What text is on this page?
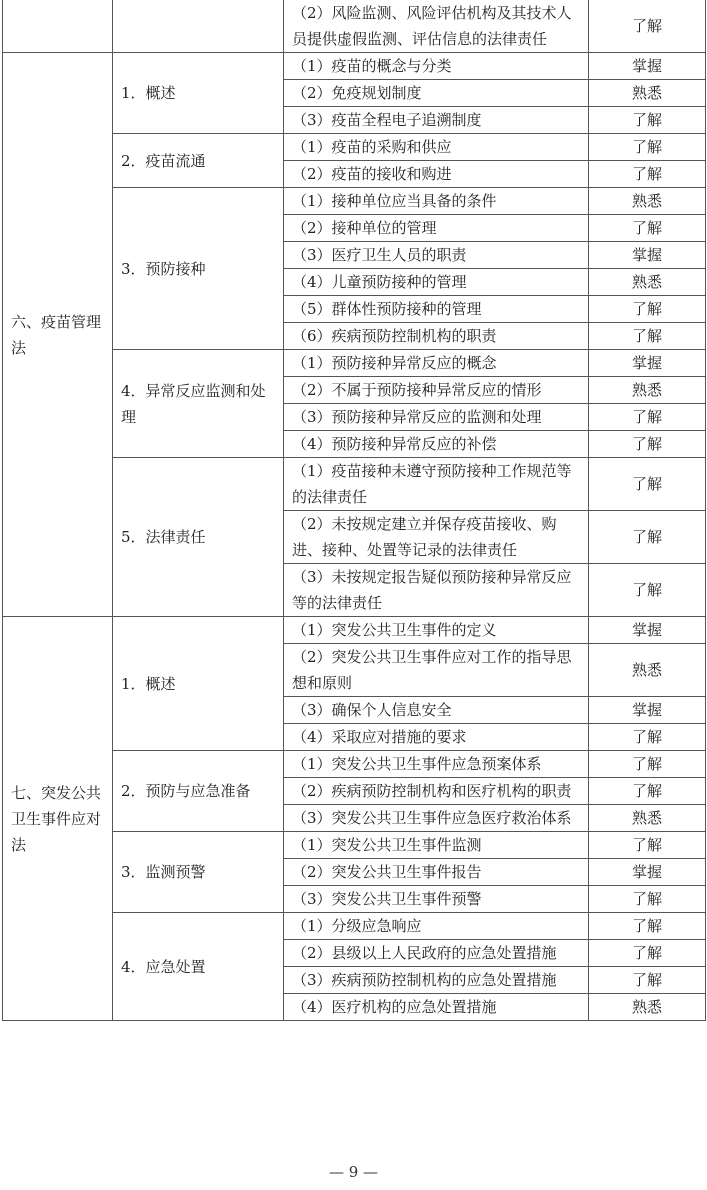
		（2）风险监测、风险评估机构及其技术人员提供虚假监测、评估信息的法律责任	了解
六、疫苗管理法	1．概述	（1）疫苗的概念与分类	掌握
		（2）免疫规划制度	熟悉
		（3）疫苗全程电子追溯制度	了解
	2．疫苗流通	（1）疫苗的采购和供应	了解
		（2）疫苗的接收和购进	了解
	3．预防接种	（1）接种单位应当具备的条件	熟悉
		（2）接种单位的管理	了解
		（3）医疗卫生人员的职责	掌握
		（4）儿童预防接种的管理	熟悉
		（5）群体性预防接种的管理	了解
		（6）疾病预防控制机构的职责	了解
	4．异常反应监测和处理	（1）预防接种异常反应的概念	掌握
		（2）不属于预防接种异常反应的情形	熟悉
		（3）预防接种异常反应的监测和处理	了解
		（4）预防接种异常反应的补偿	了解
	5．法律责任	（1）疫苗接种未遵守预防接种工作规范等的法律责任	了解
		（2）未按规定建立并保存疫苗接收、购进、接种、处置等记录的法律责任	了解
		（3）未按规定报告疑似预防接种异常反应等的法律责任	了解
七、突发公共卫生事件应对法	1．概述	（1）突发公共卫生事件的定义	掌握
		（2）突发公共卫生事件应对工作的指导思想和原则	熟悉
		（3）确保个人信息安全	掌握
		（4）采取应对措施的要求	了解
	2．预防与应急准备	（1）突发公共卫生事件应急预案体系	了解
		（2）疾病预防控制机构和医疗机构的职责	了解
		（3）突发公共卫生事件应急医疗救治体系	熟悉
	3．监测预警	（1）突发公共卫生事件监测	了解
		（2）突发公共卫生事件报告	掌握
		（3）突发公共卫生事件预警	了解
	4．应急处置	（1）分级应急响应	了解
		（2）县级以上人民政府的应急处置措施	了解
		（3）疾病预防控制机构的应急处置措施	了解
		（4）医疗机构的应急处置措施	熟悉
— 9 —
